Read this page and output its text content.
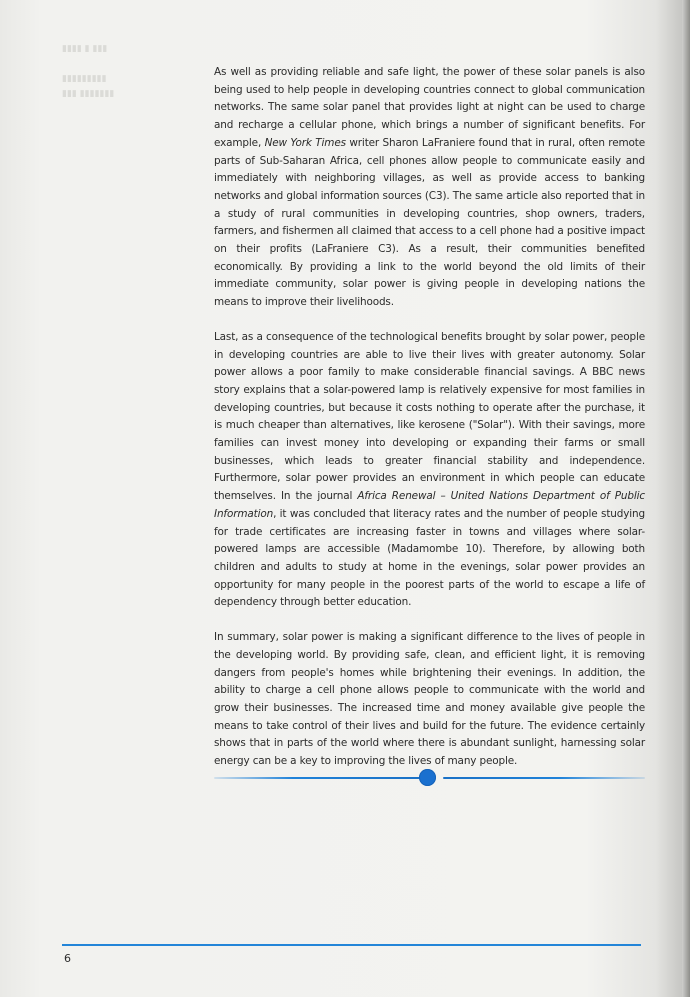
▮▮▮▮ ▮ ▮▮▮

▮▮▮▮▮▮▮▮▮
▮▮▮ ▮▮▮▮▮▮▮

As well as providing reliable and safe light, the power of these solar panels is also being used to help people in developing countries connect to global communication networks. The same solar panel that provides light at night can be used to charge and recharge a cellular phone, which brings a number of significant benefits. For example, New York Times writer Sharon LaFraniere found that in rural, often remote parts of Sub-Saharan Africa, cell phones allow people to communicate easily and immediately with neighboring villages, as well as provide access to banking networks and global information sources (C3). The same article also reported that in a study of rural communities in developing countries, shop owners, traders, farmers, and fishermen all claimed that access to a cell phone had a positive impact on their profits (LaFraniere C3). As a result, their communities benefited economically. By providing a link to the world beyond the old limits of their immediate community, solar power is giving people in developing nations the means to improve their livelihoods.

Last, as a consequence of the technological benefits brought by solar power, people in developing countries are able to live their lives with greater autonomy. Solar power allows a poor family to make considerable financial savings. A BBC news story explains that a solar-powered lamp is relatively expensive for most families in developing countries, but because it costs nothing to operate after the purchase, it is much cheaper than alternatives, like kerosene ("Solar"). With their savings, more families can invest money into developing or expanding their farms or small businesses, which leads to greater financial stability and independence. Furthermore, solar power provides an environment in which people can educate themselves. In the journal Africa Renewal – United Nations Department of Public Information, it was concluded that literacy rates and the number of people studying for trade certificates are increasing faster in towns and villages where solar-powered lamps are accessible (Madamombe 10). Therefore, by allowing both children and adults to study at home in the evenings, solar power provides an opportunity for many people in the poorest parts of the world to escape a life of dependency through better education.

In summary, solar power is making a significant difference to the lives of people in the developing world. By providing safe, clean, and efficient light, it is removing dangers from people's homes while brightening their evenings. In addition, the ability to charge a cell phone allows people to communicate with the world and grow their businesses. The increased time and money available give people the means to take control of their lives and build for the future. The evidence certainly shows that in parts of the world where there is abundant sunlight, harnessing solar energy can be a key to improving the lives of many people.

6
